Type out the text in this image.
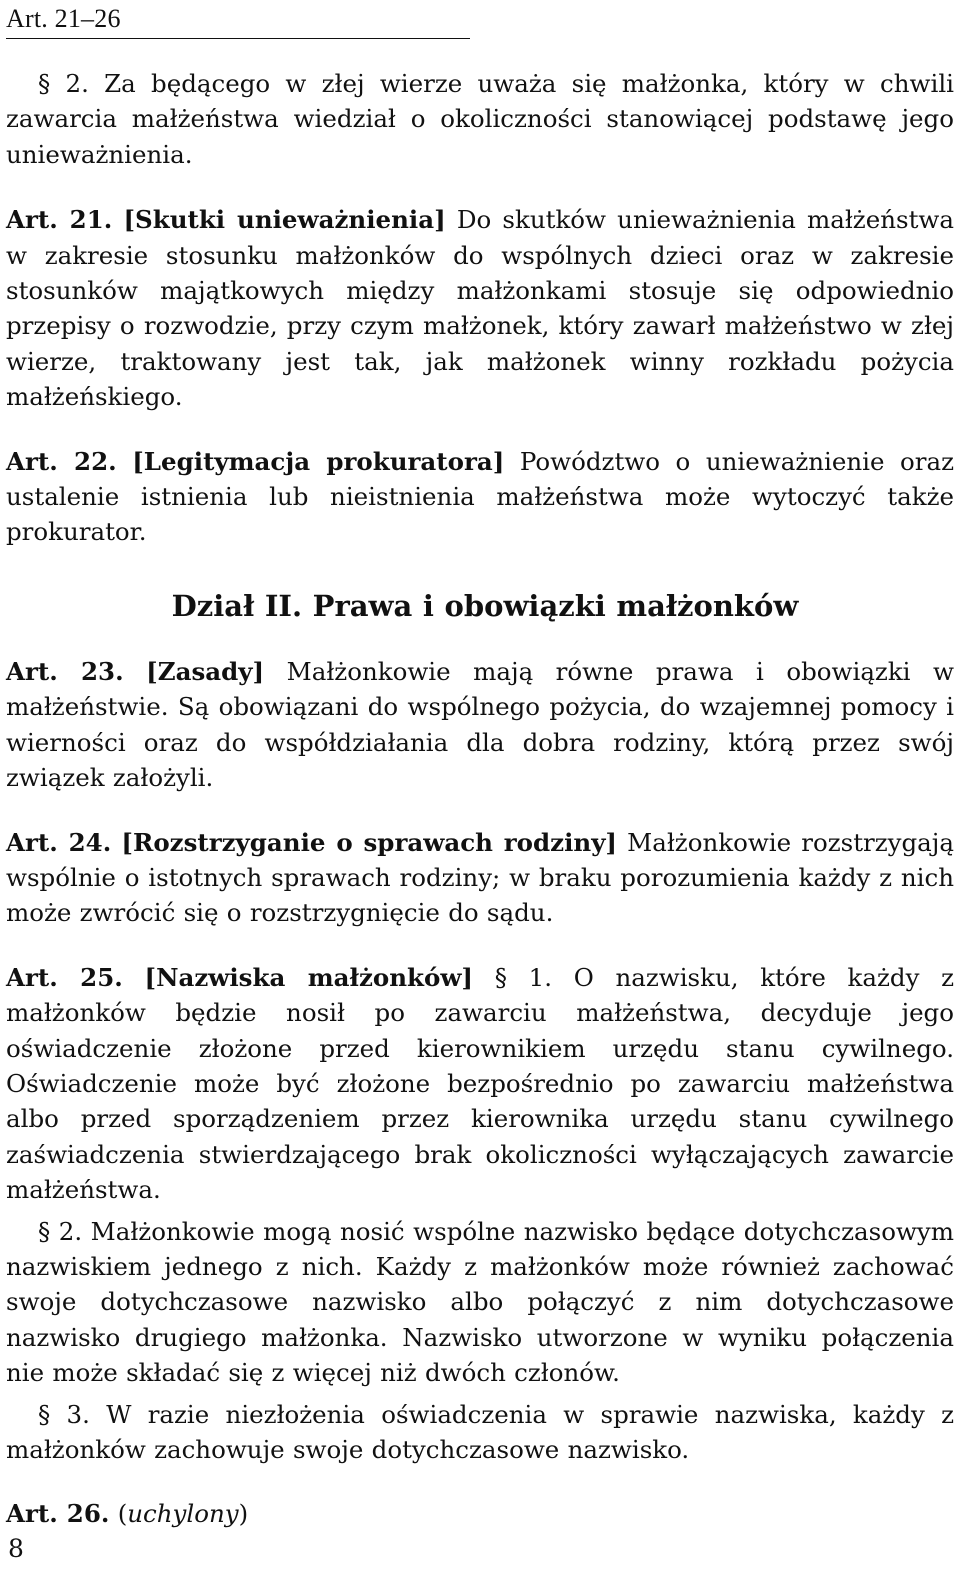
Art. 21–26

§ 2. Za będącego w złej wierze uważa się małżonka, który w chwili zawarcia małżeństwa wiedział o okoliczności stanowiącej podstawę jego unieważnienia.

Art. 21. [Skutki unieważnienia] Do skutków unieważnienia małżeństwa w zakresie stosunku małżonków do wspólnych dzieci oraz w zakresie stosunków majątkowych między małżonkami stosuje się odpowiednio przepisy o rozwodzie, przy czym małżonek, który zawarł małżeństwo w złej wierze, traktowany jest tak, jak małżonek winny rozkładu pożycia małżeńskiego.

Art. 22. [Legitymacja prokuratora] Powództwo o unieważnienie oraz ustalenie istnienia lub nieistnienia małżeństwa może wytoczyć także prokurator.

Dział II. Prawa i obowiązki małżonków

Art. 23. [Zasady] Małżonkowie mają równe prawa i obowiązki w małżeństwie. Są obowiązani do wspólnego pożycia, do wzajemnej pomocy i wierności oraz do współdziałania dla dobra rodziny, którą przez swój związek założyli.

Art. 24. [Rozstrzyganie o sprawach rodziny] Małżonkowie rozstrzygają wspólnie o istotnych sprawach rodziny; w braku porozumienia każdy z nich może zwrócić się o rozstrzygnięcie do sądu.

Art. 25. [Nazwiska małżonków] § 1. O nazwisku, które każdy z małżonków będzie nosił po zawarciu małżeństwa, decyduje jego oświadczenie złożone przed kierownikiem urzędu stanu cywilnego. Oświadczenie może być złożone bezpośrednio po zawarciu małżeństwa albo przed sporządzeniem przez kierownika urzędu stanu cywilnego zaświadczenia stwierdzającego brak okoliczności wyłączających zawarcie małżeństwa.

§ 2. Małżonkowie mogą nosić wspólne nazwisko będące dotychczasowym nazwiskiem jednego z nich. Każdy z małżonków może również zachować swoje dotychczasowe nazwisko albo połączyć z nim dotychczasowe nazwisko drugiego małżonka. Nazwisko utworzone w wyniku połączenia nie może składać się z więcej niż dwóch członów.

§ 3. W razie niezłożenia oświadczenia w sprawie nazwiska, każdy z małżonków zachowuje swoje dotychczasowe nazwisko.

Art. 26. (uchylony)

8
